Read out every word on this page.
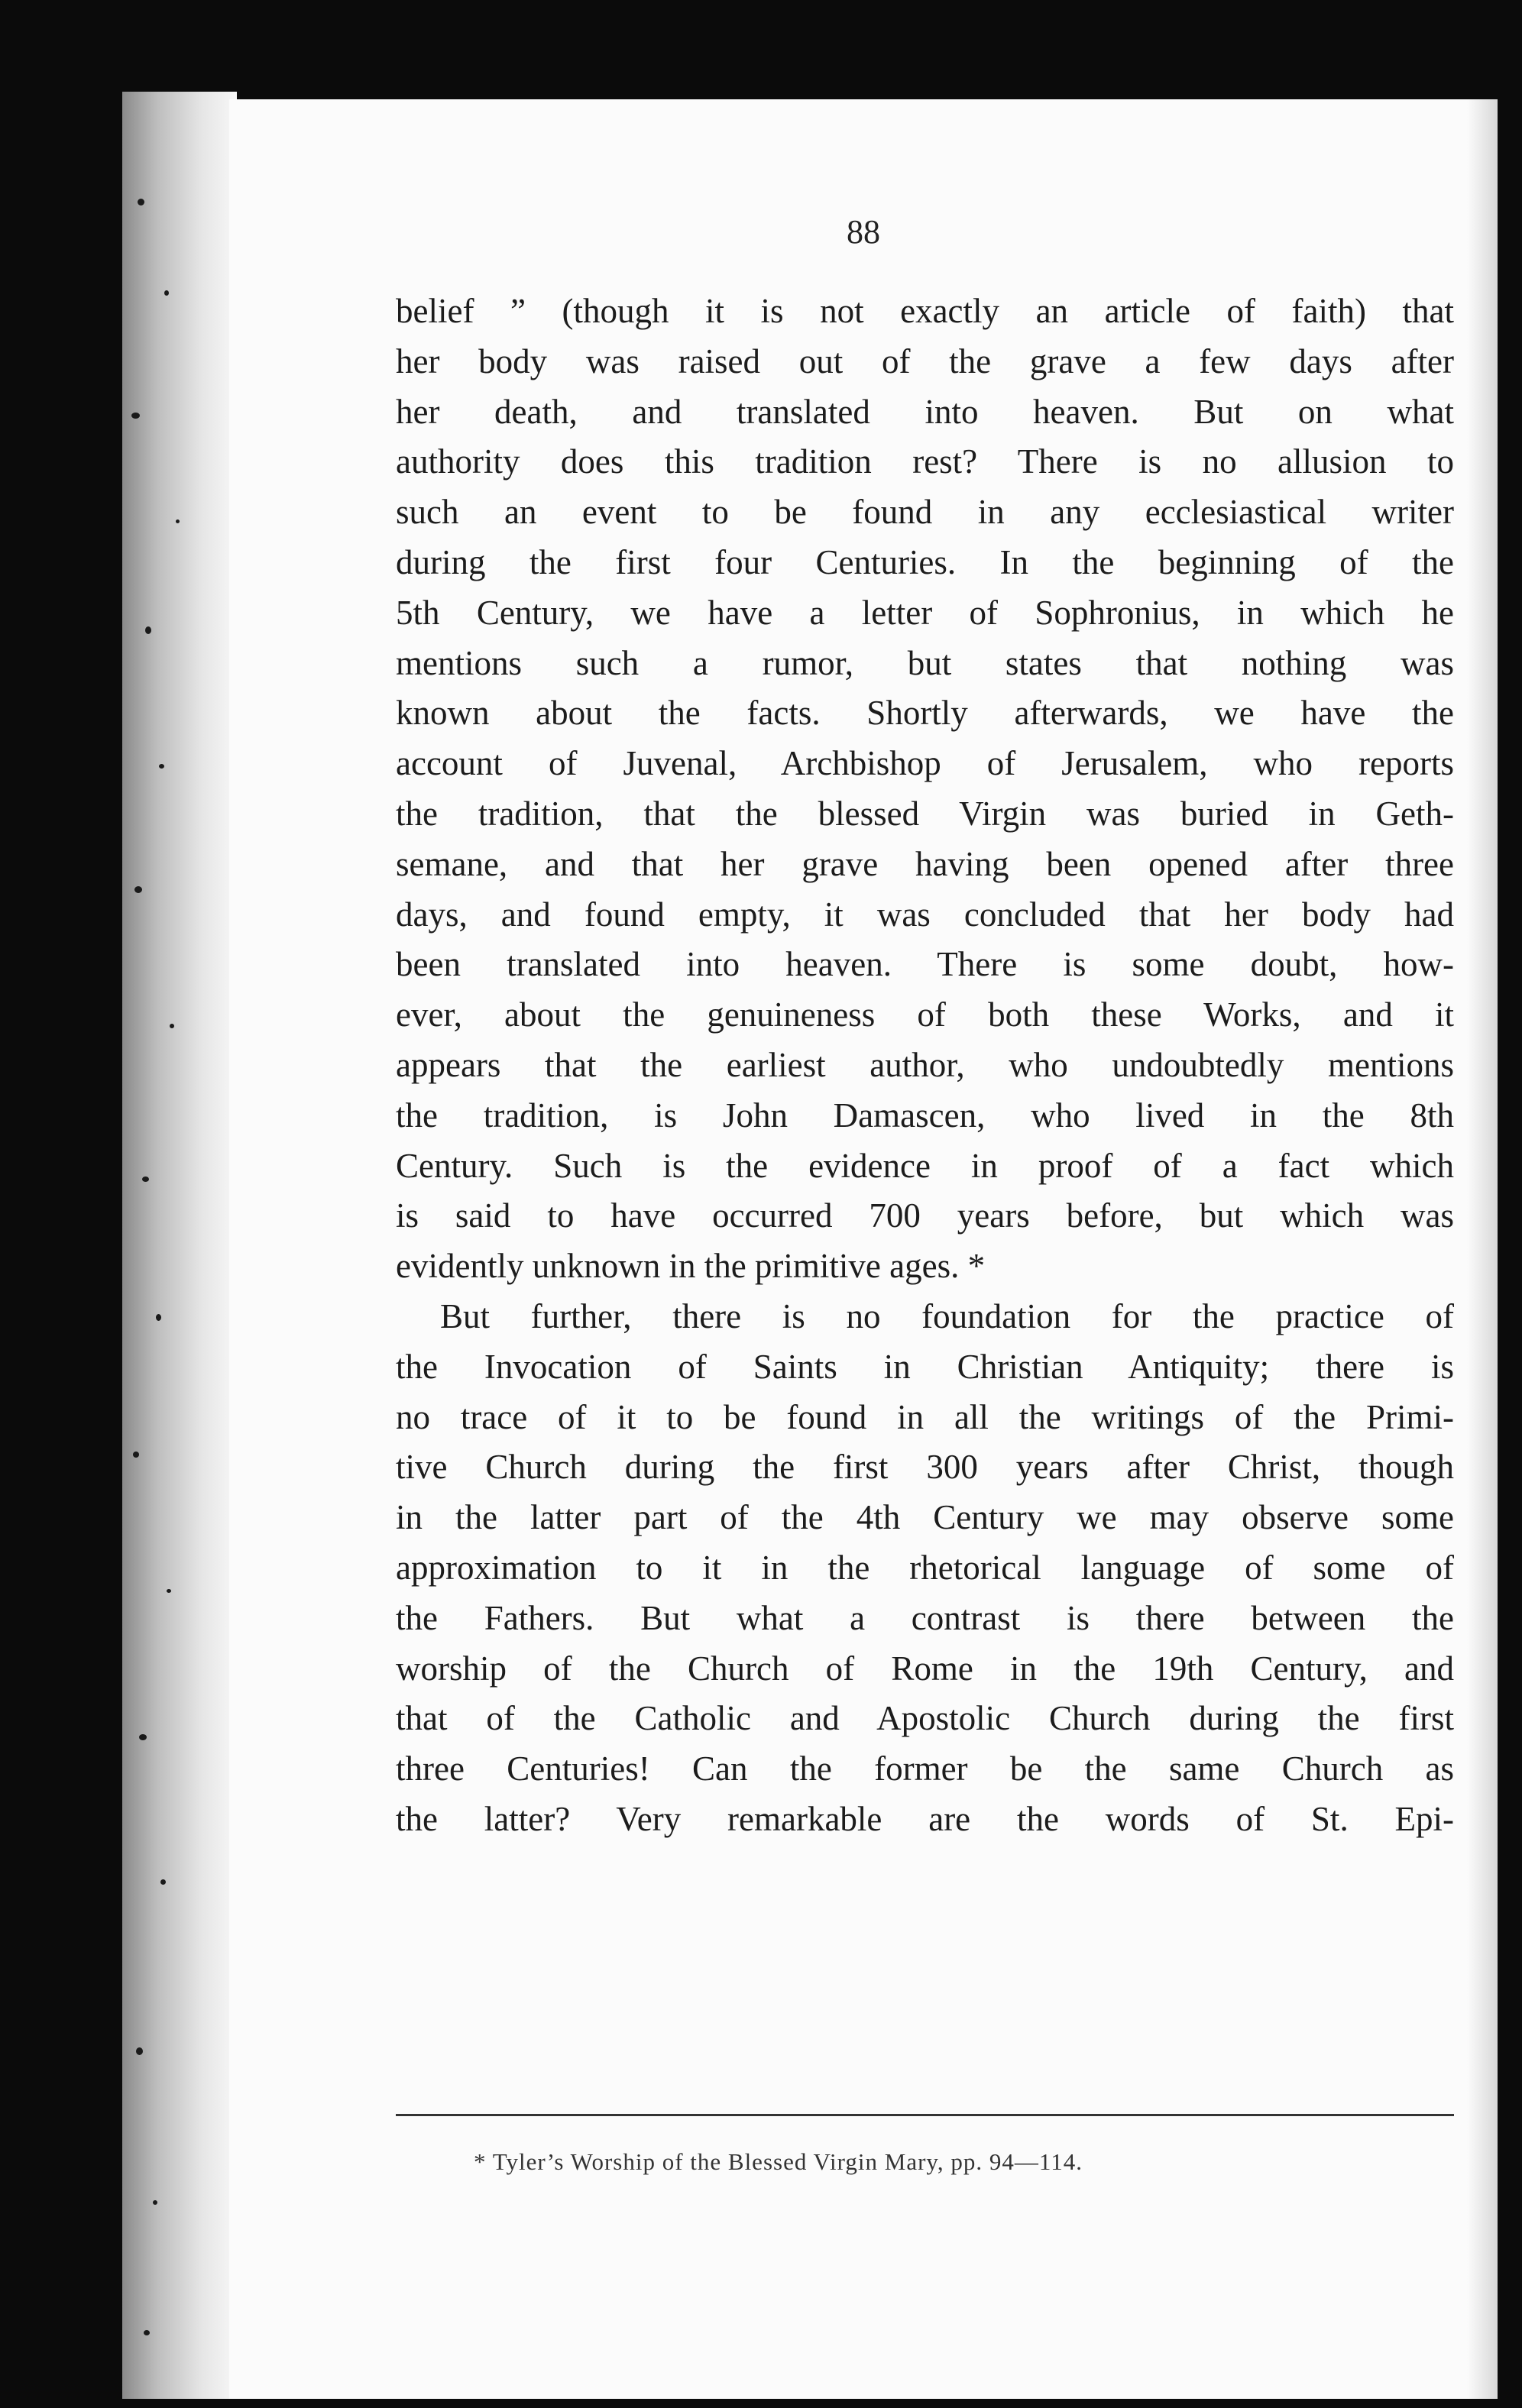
88
belief ” (though it is not exactly an article of faith) that
her body was raised out of the grave a few days after
her death, and translated into heaven. But on what
authority does this tradition rest? There is no allusion to
such an event to be found in any ecclesiastical writer
during the first four Centuries. In the beginning of the
5th Century, we have a letter of Sophronius, in which he
mentions such a rumor, but states that nothing was
known about the facts. Shortly afterwards, we have the
account of Juvenal, Archbishop of Jerusalem, who reports
the tradition, that the blessed Virgin was buried in Geth-
semane, and that her grave having been opened after three
days, and found empty, it was concluded that her body had
been translated into heaven. There is some doubt, how-
ever, about the genuineness of both these Works, and it
appears that the earliest author, who undoubtedly mentions
the tradition, is John Damascen, who lived in the 8th
Century. Such is the evidence in proof of a fact which
is said to have occurred 700 years before, but which was
evidently unknown in the primitive ages. *
But further, there is no foundation for the practice of
the Invocation of Saints in Christian Antiquity; there is
no trace of it to be found in all the writings of the Primi-
tive Church during the first 300 years after Christ, though
in the latter part of the 4th Century we may observe some
approximation to it in the rhetorical language of some of
the Fathers. But what a contrast is there between the
worship of the Church of Rome in the 19th Century, and
that of the Catholic and Apostolic Church during the first
three Centuries! Can the former be the same Church as
the latter? Very remarkable are the words of St. Epi-
* Tyler’s Worship of the Blessed Virgin Mary, pp. 94—114.
